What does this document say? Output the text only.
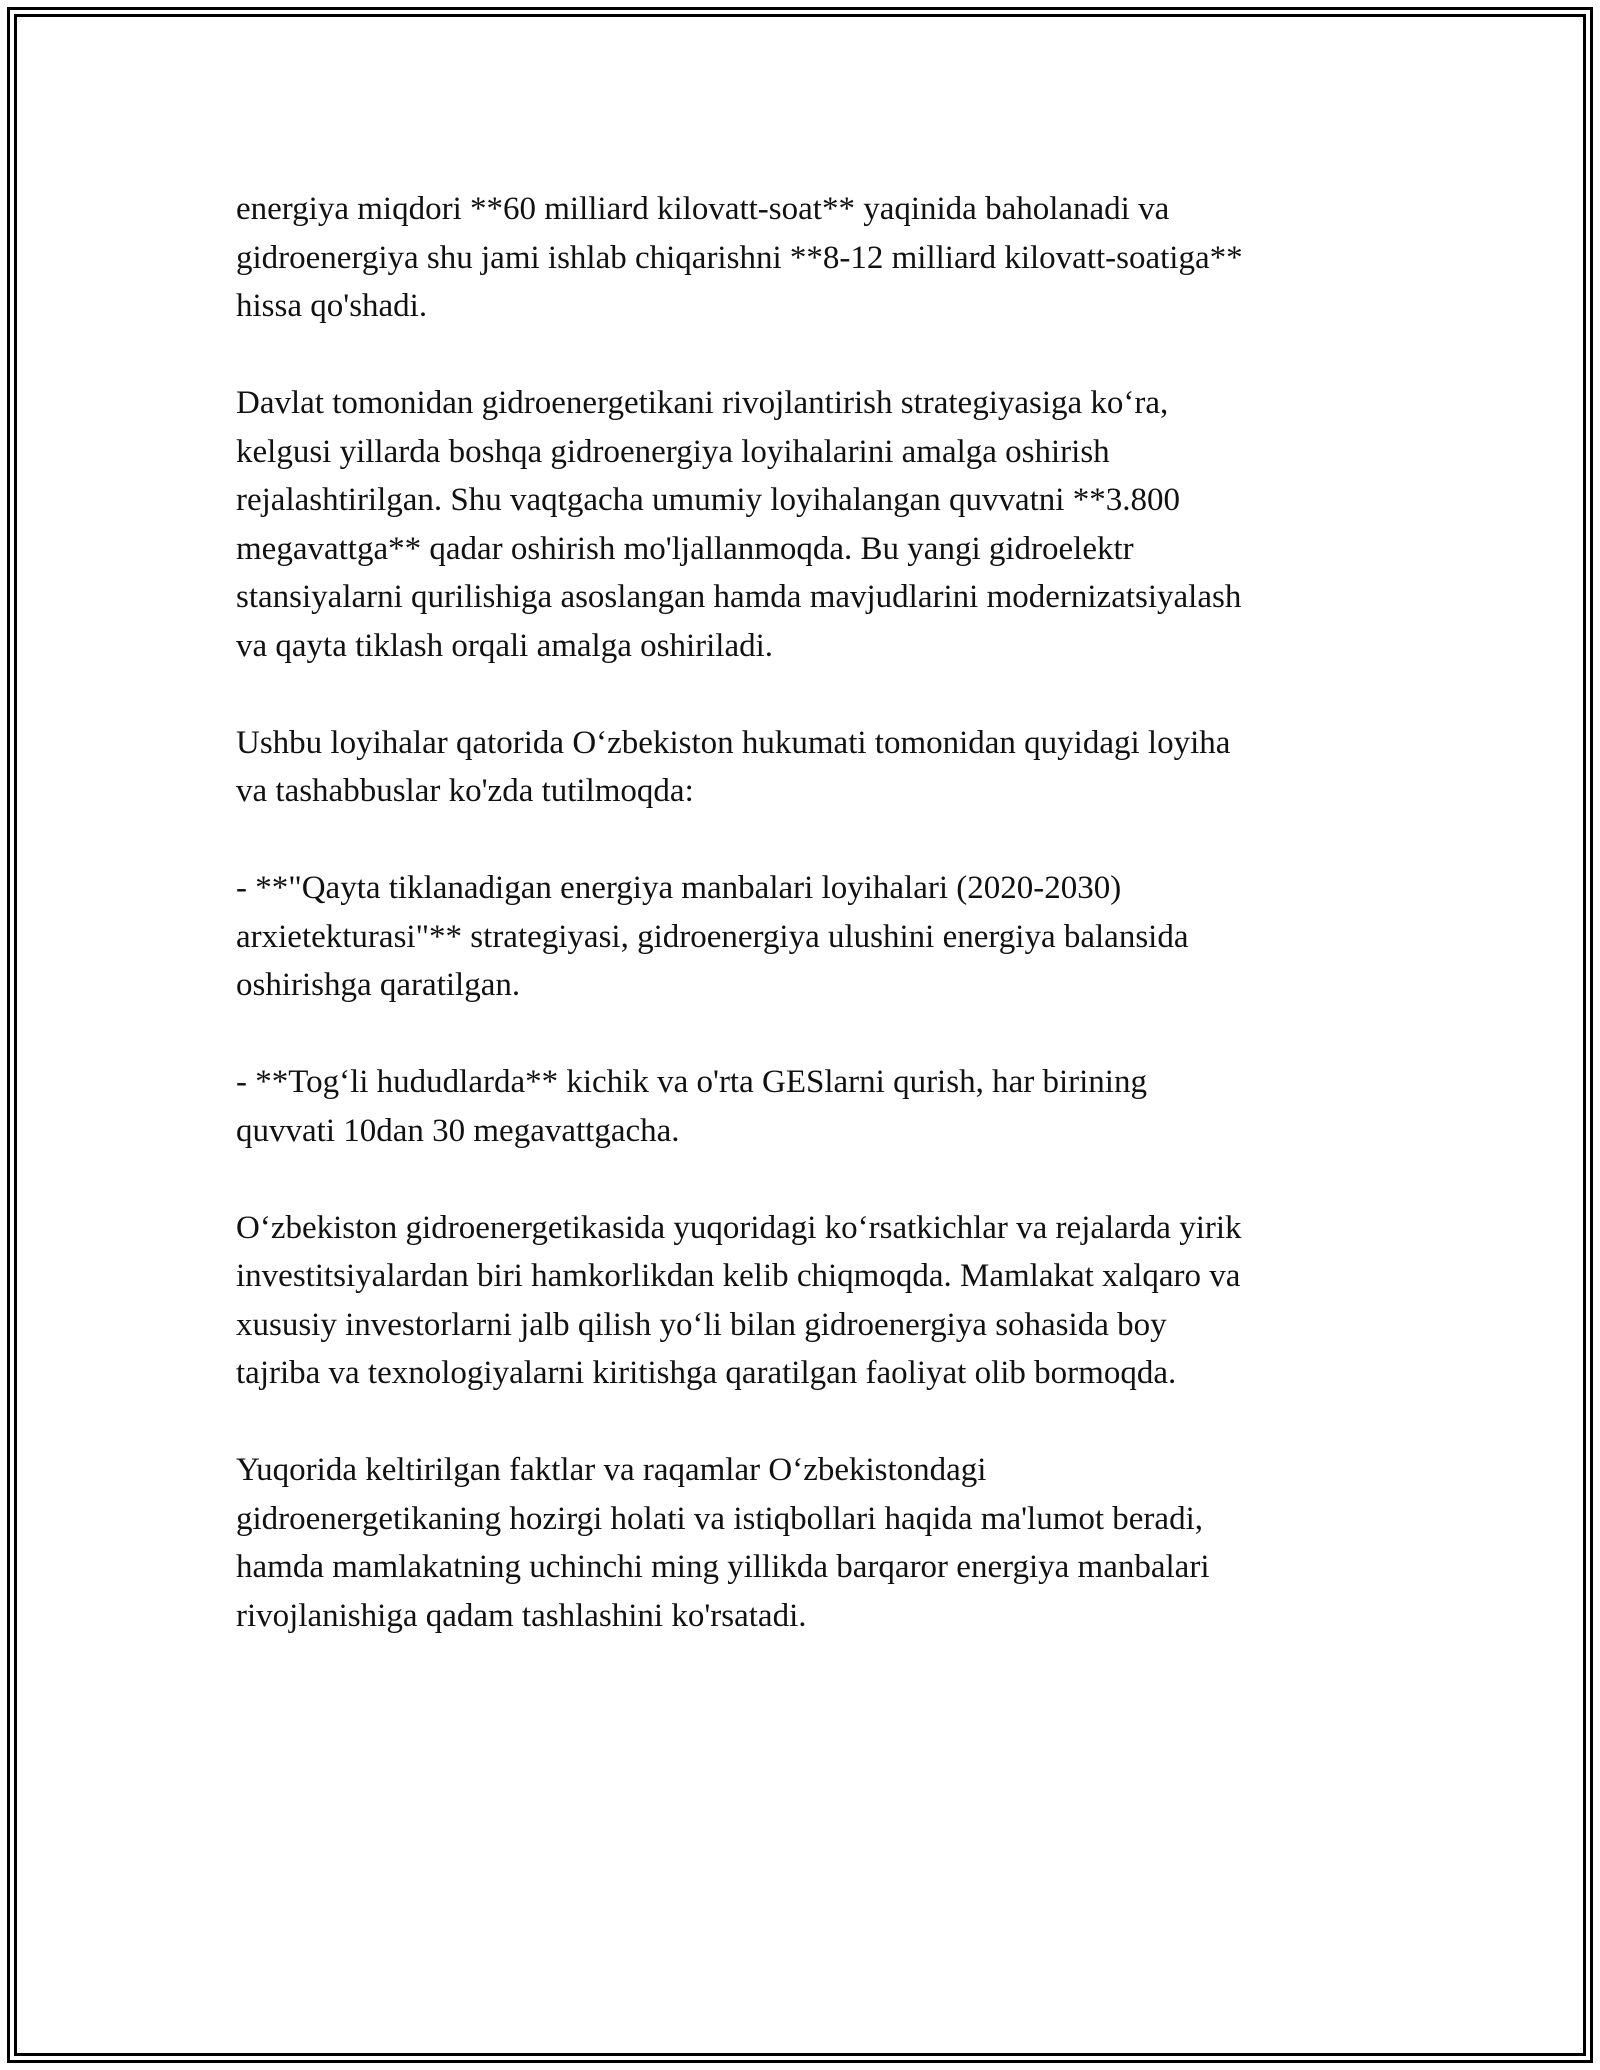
energiya miqdori **60 milliard kilovatt-soat** yaqinida baholanadi va
gidroenergiya shu jami ishlab chiqarishni **8-12 milliard kilovatt-soatiga**
hissa qo'shadi.

Davlat tomonidan gidroenergetikani rivojlantirish strategiyasiga ko‘ra,
kelgusi yillarda boshqa gidroenergiya loyihalarini amalga oshirish
rejalashtirilgan. Shu vaqtgacha umumiy loyihalangan quvvatni **3.800
megavattga** qadar oshirish mo'ljallanmoqda. Bu yangi gidroelektr
stansiyalarni qurilishiga asoslangan hamda mavjudlarini modernizatsiyalash
va qayta tiklash orqali amalga oshiriladi.

Ushbu loyihalar qatorida O‘zbekiston hukumati tomonidan quyidagi loyiha
va tashabbuslar ko'zda tutilmoqda:

- **"Qayta tiklanadigan energiya manbalari loyihalari (2020-2030)
arxietekturasi"** strategiyasi, gidroenergiya ulushini energiya balansida
oshirishga qaratilgan.

- **Tog‘li hududlarda** kichik va o'rta GESlarni qurish, har birining
quvvati 10dan 30 megavattgacha.

O‘zbekiston gidroenergetikasida yuqoridagi ko‘rsatkichlar va rejalarda yirik
investitsiyalardan biri hamkorlikdan kelib chiqmoqda. Mamlakat xalqaro va
xususiy investorlarni jalb qilish yo‘li bilan gidroenergiya sohasida boy
tajriba va texnologiyalarni kiritishga qaratilgan faoliyat olib bormoqda.

Yuqorida keltirilgan faktlar va raqamlar O‘zbekistondagi
gidroenergetikaning hozirgi holati va istiqbollari haqida ma'lumot beradi,
hamda mamlakatning uchinchi ming yillikda barqaror energiya manbalari
rivojlanishiga qadam tashlashini ko'rsatadi.
